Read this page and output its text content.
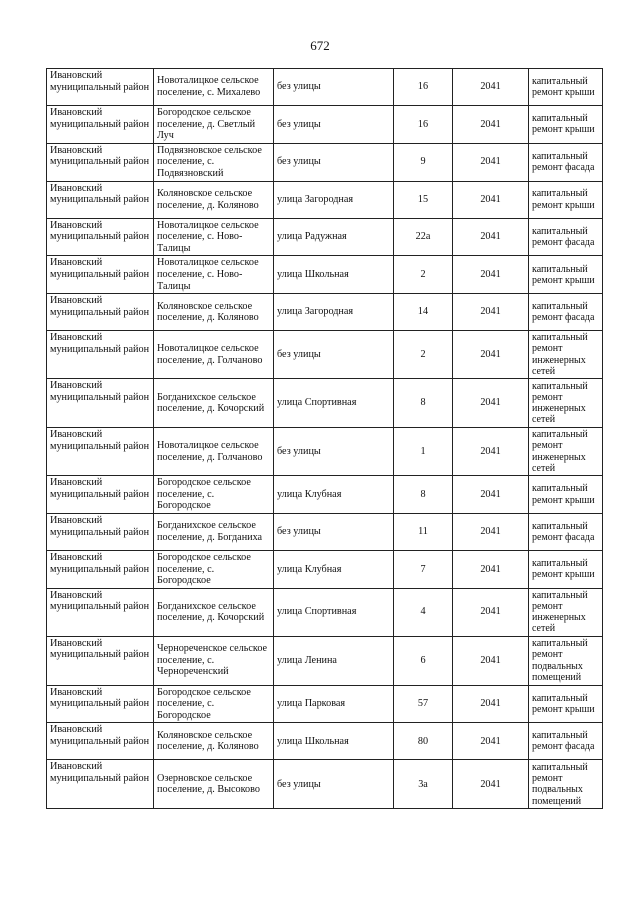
672
Ивановский муниципальный район	Новоталицкое сельское поселение, с. Михалево	без улицы	16	2041	капитальный ремонт крыши
Ивановский муниципальный район	Богородское сельское поселение, д. Светлый Луч	без улицы	16	2041	капитальный ремонт крыши
Ивановский муниципальный район	Подвязновское сельское поселение, с. Подвязновский	без улицы	9	2041	капитальный ремонт фасада
Ивановский муниципальный район	Коляновское сельское поселение, д. Коляново	улица Загородная	15	2041	капитальный ремонт крыши
Ивановский муниципальный район	Новоталицкое сельское поселение, с. Ново-Талицы	улица Радужная	22а	2041	капитальный ремонт фасада
Ивановский муниципальный район	Новоталицкое сельское поселение, с. Ново-Талицы	улица Школьная	2	2041	капитальный ремонт крыши
Ивановский муниципальный район	Коляновское сельское поселение, д. Коляново	улица Загородная	14	2041	капитальный ремонт фасада
Ивановский муниципальный район	Новоталицкое сельское поселение, д. Голчаново	без улицы	2	2041	капитальный ремонт инженерных сетей
Ивановский муниципальный район	Богданихское сельское поселение, д. Кочорский	улица Спортивная	8	2041	капитальный ремонт инженерных сетей
Ивановский муниципальный район	Новоталицкое сельское поселение, д. Голчаново	без улицы	1	2041	капитальный ремонт инженерных сетей
Ивановский муниципальный район	Богородское сельское поселение, с. Богородское	улица Клубная	8	2041	капитальный ремонт крыши
Ивановский муниципальный район	Богданихское сельское поселение, д. Богданиха	без улицы	11	2041	капитальный ремонт фасада
Ивановский муниципальный район	Богородское сельское поселение, с. Богородское	улица Клубная	7	2041	капитальный ремонт крыши
Ивановский муниципальный район	Богданихское сельское поселение, д. Кочорский	улица Спортивная	4	2041	капитальный ремонт инженерных сетей
Ивановский муниципальный район	Чернореченское сельское поселение, с. Чернореченский	улица Ленина	6	2041	капитальный ремонт подвальных помещений
Ивановский муниципальный район	Богородское сельское поселение, с. Богородское	улица Парковая	57	2041	капитальный ремонт крыши
Ивановский муниципальный район	Коляновское сельское поселение, д. Коляново	улица Школьная	80	2041	капитальный ремонт фасада
Ивановский муниципальный район	Озерновское сельское поселение, д. Высоково	без улицы	3а	2041	капитальный ремонт подвальных помещений
